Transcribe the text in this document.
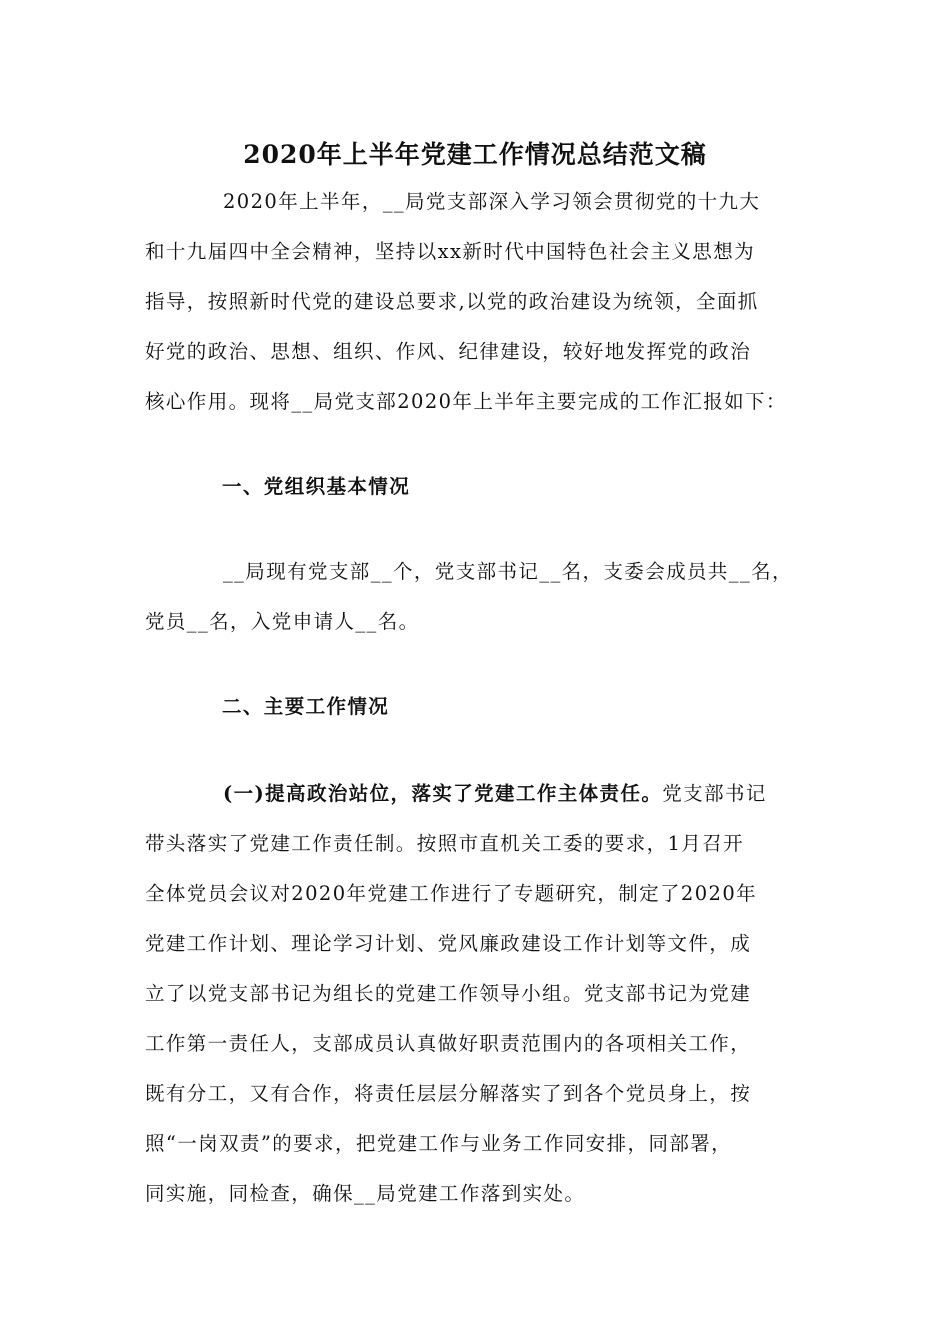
2020年上半年党建工作情况总结范文稿
2020年上半年，__局党支部深入学习领会贯彻党的十九大
和十九届四中全会精神，坚持以xx新时代中国特色社会主义思想为
指导，按照新时代党的建设总要求,以党的政治建设为统领，全面抓
好党的政治、思想、组织、作风、纪律建设，较好地发挥党的政治
核心作用。现将__局党支部2020年上半年主要完成的工作汇报如下：
一、党组织基本情况
__局现有党支部__个，党支部书记__名，支委会成员共__名，
党员__名，入党申请人__名。
二、主要工作情况
(一)提高政治站位，落实了党建工作主体责任。党支部书记
带头落实了党建工作责任制。按照市直机关工委的要求，1月召开
全体党员会议对2020年党建工作进行了专题研究，制定了2020年
党建工作计划、理论学习计划、党风廉政建设工作计划等文件，成
立了以党支部书记为组长的党建工作领导小组。党支部书记为党建
工作第一责任人，支部成员认真做好职责范围内的各项相关工作，
既有分工，又有合作，将责任层层分解落实了到各个党员身上，按
照“一岗双责”的要求，把党建工作与业务工作同安排，同部署，
同实施，同检查，确保__局党建工作落到实处。
